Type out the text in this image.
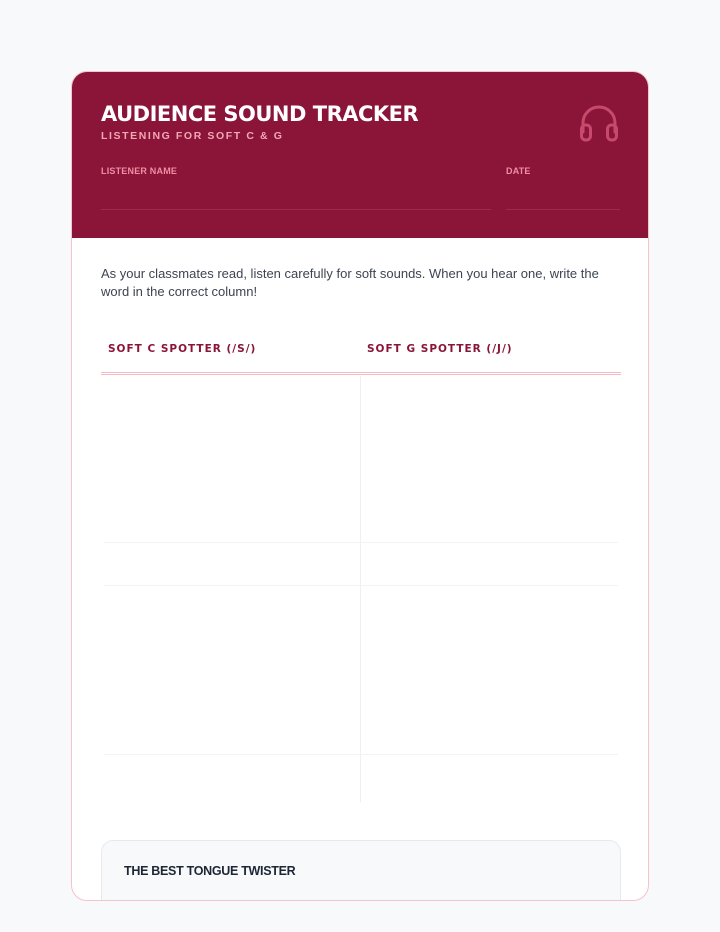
AUDIENCE SOUND TRACKER
LISTENING FOR SOFT C & G
LISTENER NAME	DATE

As your classmates read, listen carefully for soft sounds. When you hear one, write the word in the correct column!

SOFT C SPOTTER (/S/)	SOFT G SPOTTER (/J/)
THE BEST TONGUE TWISTER
